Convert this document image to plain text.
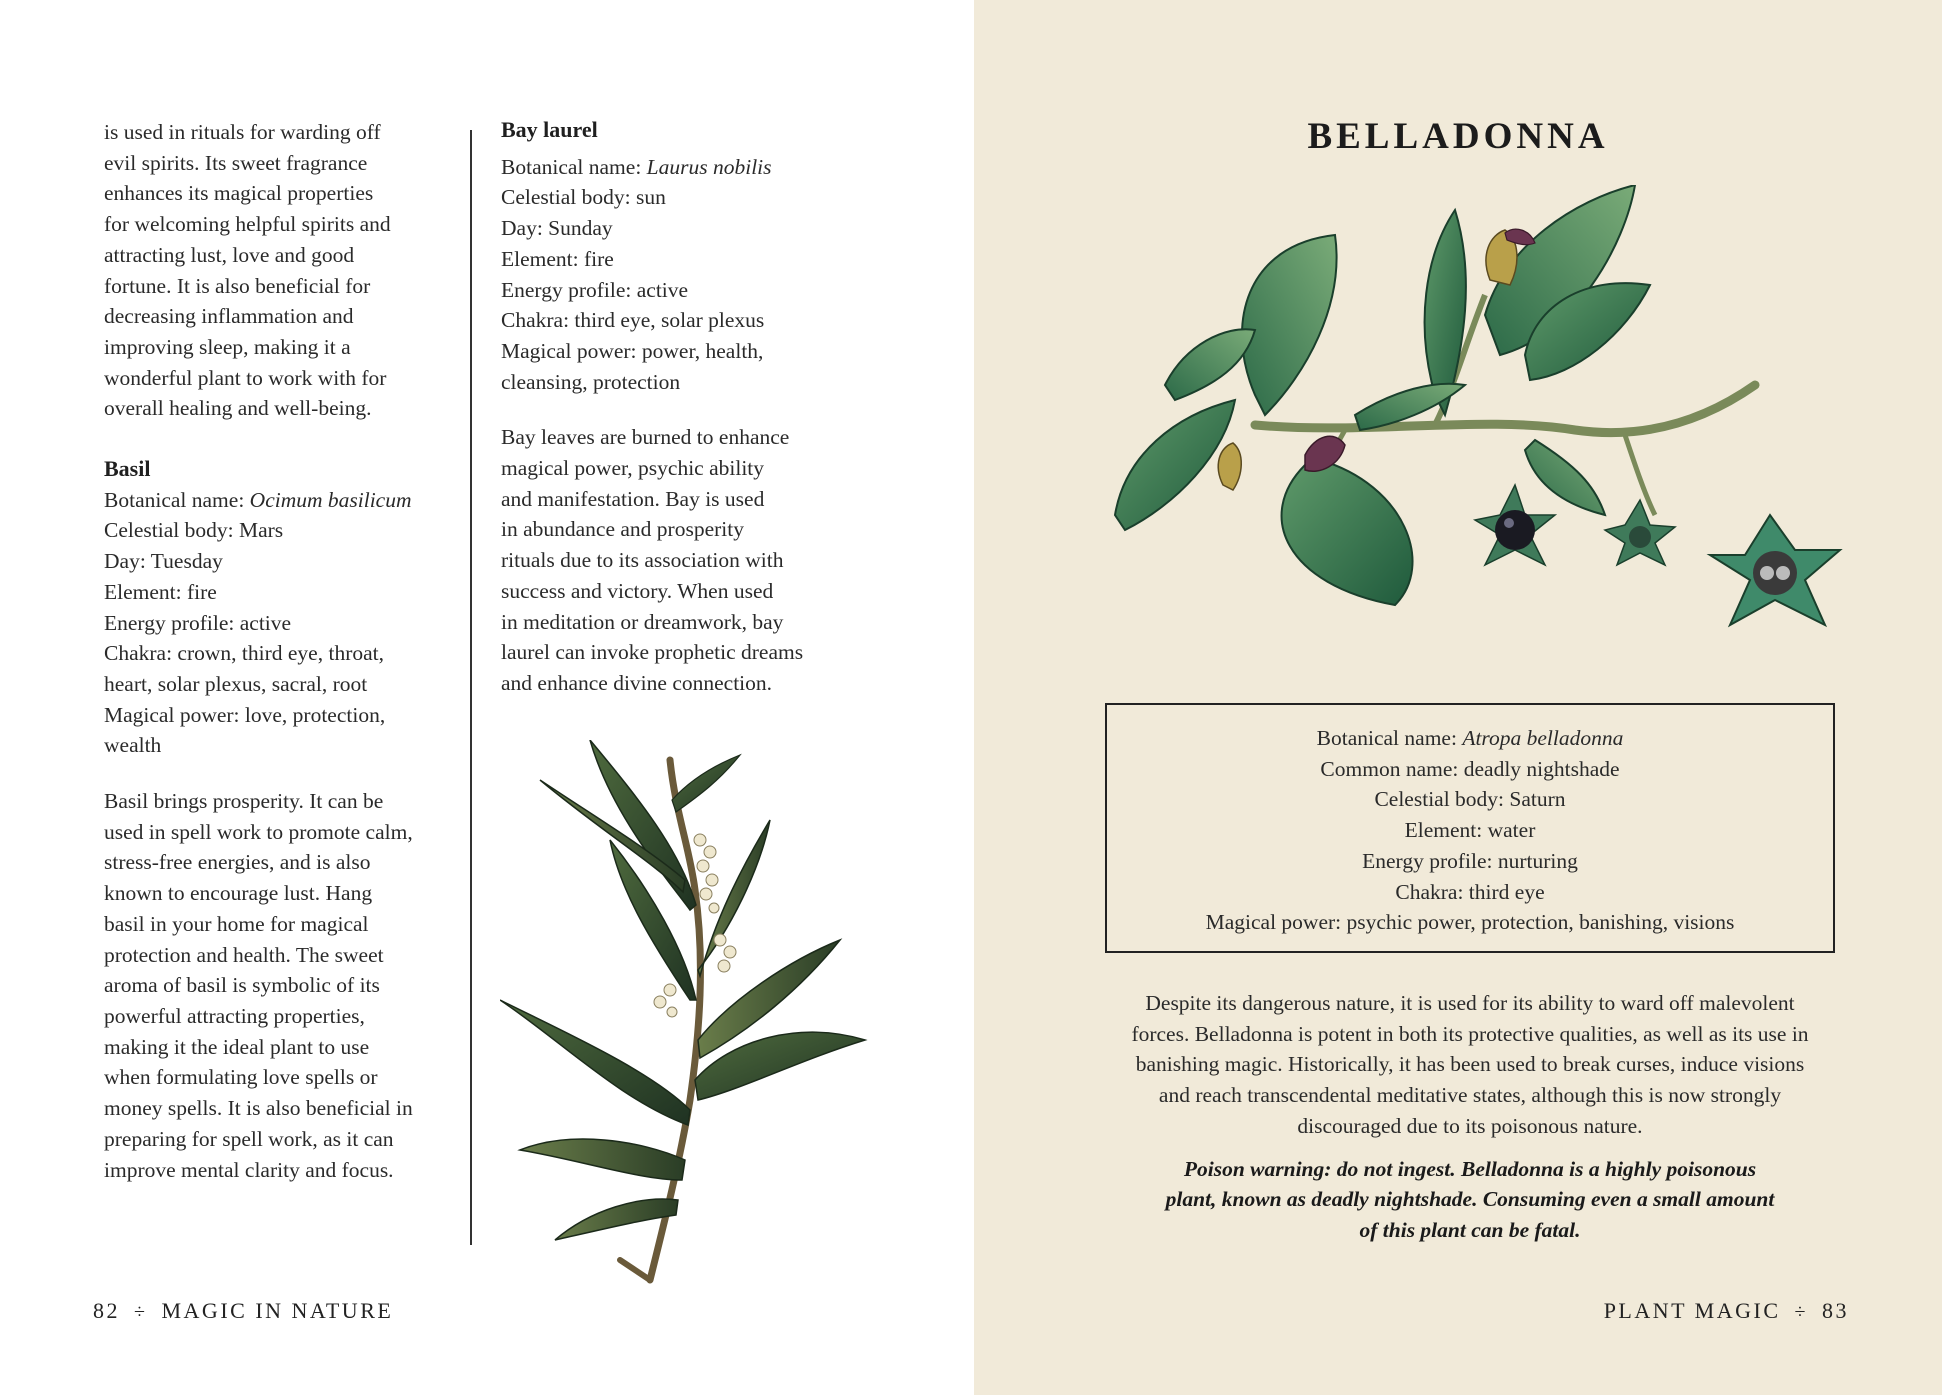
is used in rituals for warding off

evil spirits. Its sweet fragrance

enhances its magical properties

for welcoming helpful spirits and

attracting lust, love and good

fortune. It is also beneficial for

decreasing inflammation and

improving sleep, making it a

wonderful plant to work with for

overall healing and well-being.

Basil

Botanical name: Ocimum basilicum

Celestial body: Mars

Day: Tuesday

Element: fire

Energy profile: active

Chakra: crown, third eye, throat,

heart, solar plexus, sacral, root

Magical power: love, protection,

wealth

Basil brings prosperity. It can be

used in spell work to promote calm,

stress-free energies, and is also

known to encourage lust. Hang

basil in your home for magical

protection and health. The sweet

aroma of basil is symbolic of its

powerful attracting properties,

making it the ideal plant to use

when formulating love spells or

money spells. It is also beneficial in

preparing for spell work, as it can

improve mental clarity and focus.

Bay laurel

Botanical name: Laurus nobilis

Celestial body: sun

Day: Sunday

Element: fire

Energy profile: active

Chakra: third eye, solar plexus

Magical power: power, health,

cleansing, protection

Bay leaves are burned to enhance

magical power, psychic ability

and manifestation. Bay is used

in abundance and prosperity

rituals due to its association with

success and victory. When used

in meditation or dreamwork, bay

laurel can invoke prophetic dreams

and enhance divine connection.

82 ÷ MAGIC IN NATURE
BELLADONNA

Botanical name: Atropa belladonna

Common name: deadly nightshade

Celestial body: Saturn

Element: water

Energy profile: nurturing

Chakra: third eye

Magical power: psychic power, protection, banishing, visions

Despite its dangerous nature, it is used for its ability to ward off malevolent

forces. Belladonna is potent in both its protective qualities, as well as its use in

banishing magic. Historically, it has been used to break curses, induce visions

and reach transcendental meditative states, although this is now strongly

discouraged due to its poisonous nature.

Poison warning: do not ingest. Belladonna is a highly poisonous

plant, known as deadly nightshade. Consuming even a small amount

of this plant can be fatal.

PLANT MAGIC ÷ 83
